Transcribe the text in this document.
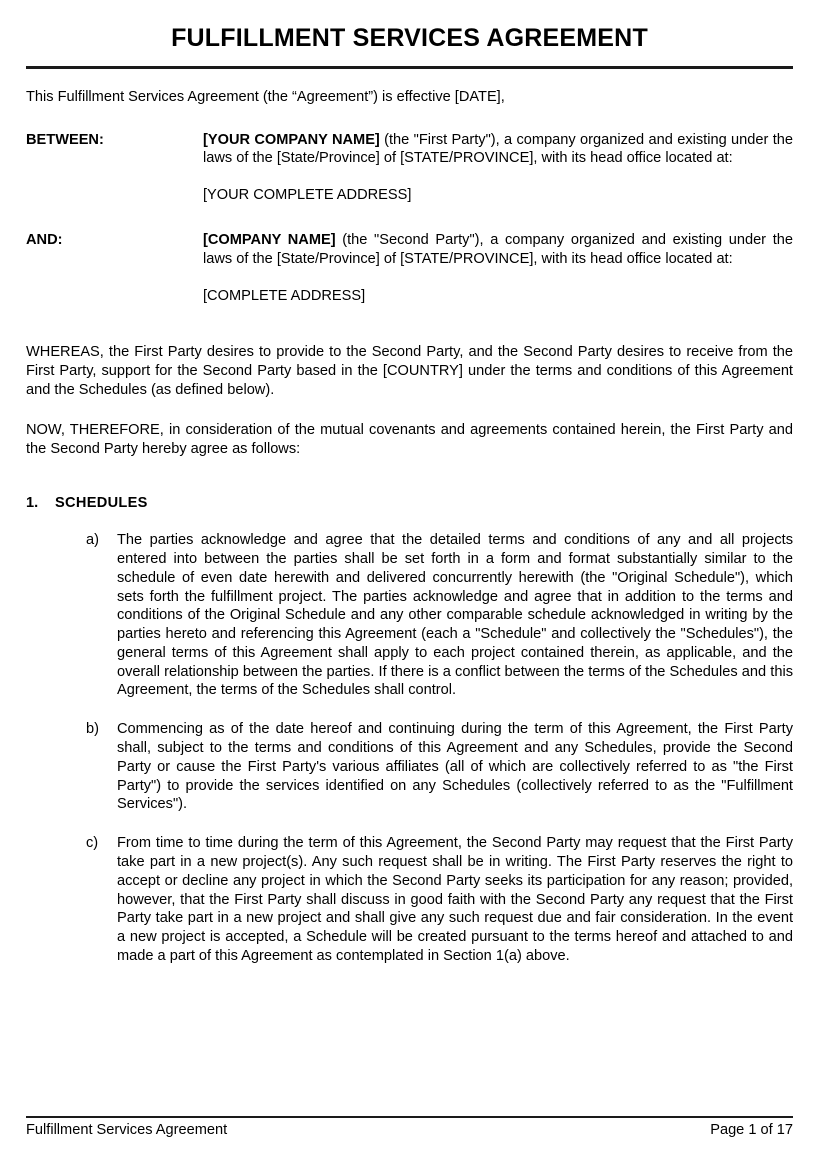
FULFILLMENT SERVICES AGREEMENT

This Fulfillment Services Agreement (the “Agreement”) is effective [DATE],

BETWEEN:	[YOUR COMPANY NAME] (the "First Party"), a company organized and existing under the laws of the [State/Province] of [STATE/PROVINCE], with its head office located at:
[YOUR COMPLETE ADDRESS]
AND:	[COMPANY NAME] (the "Second Party"), a company organized and existing under the laws of the [State/Province] of [STATE/PROVINCE], with its head office located at:
[COMPLETE ADDRESS]

WHEREAS, the First Party desires to provide to the Second Party, and the Second Party desires to receive from the First Party, support for the Second Party based in the [COUNTRY] under the terms and conditions of this Agreement and the Schedules (as defined below).

NOW, THEREFORE, in consideration of the mutual covenants and agreements contained herein, the First Party and the Second Party hereby agree as follows:

1.	SCHEDULES
a)	The parties acknowledge and agree that the detailed terms and conditions of any and all projects entered into between the parties shall be set forth in a form and format substantially similar to the schedule of even date herewith and delivered concurrently herewith (the "Original Schedule"), which sets forth the fulfillment project. The parties acknowledge and agree that in addition to the terms and conditions of the Original Schedule and any other comparable schedule acknowledged in writing by the parties hereto and referencing this Agreement (each a "Schedule" and collectively the "Schedules"), the general terms of this Agreement shall apply to each project contained therein, as applicable, and the overall relationship between the parties. If there is a conflict between the terms of the Schedules and this Agreement, the terms of the Schedules shall control.
b)	Commencing as of the date hereof and continuing during the term of this Agreement, the First Party shall, subject to the terms and conditions of this Agreement and any Schedules, provide the Second Party or cause the First Party's various affiliates (all of which are collectively referred to as "the First Party") to provide the services identified on any Schedules (collectively referred to as the "Fulfillment Services").
c)	From time to time during the term of this Agreement, the Second Party may request that the First Party take part in a new project(s). Any such request shall be in writing. The First Party reserves the right to accept or decline any project in which the Second Party seeks its participation for any reason; provided, however, that the First Party shall discuss in good faith with the Second Party any request that the First Party take part in a new project and shall give any such request due and fair consideration. In the event a new project is accepted, a Schedule will be created pursuant to the terms hereof and attached to and made a part of this Agreement as contemplated in Section 1(a) above.
Fulfillment Services Agreement	Page 1 of 17
